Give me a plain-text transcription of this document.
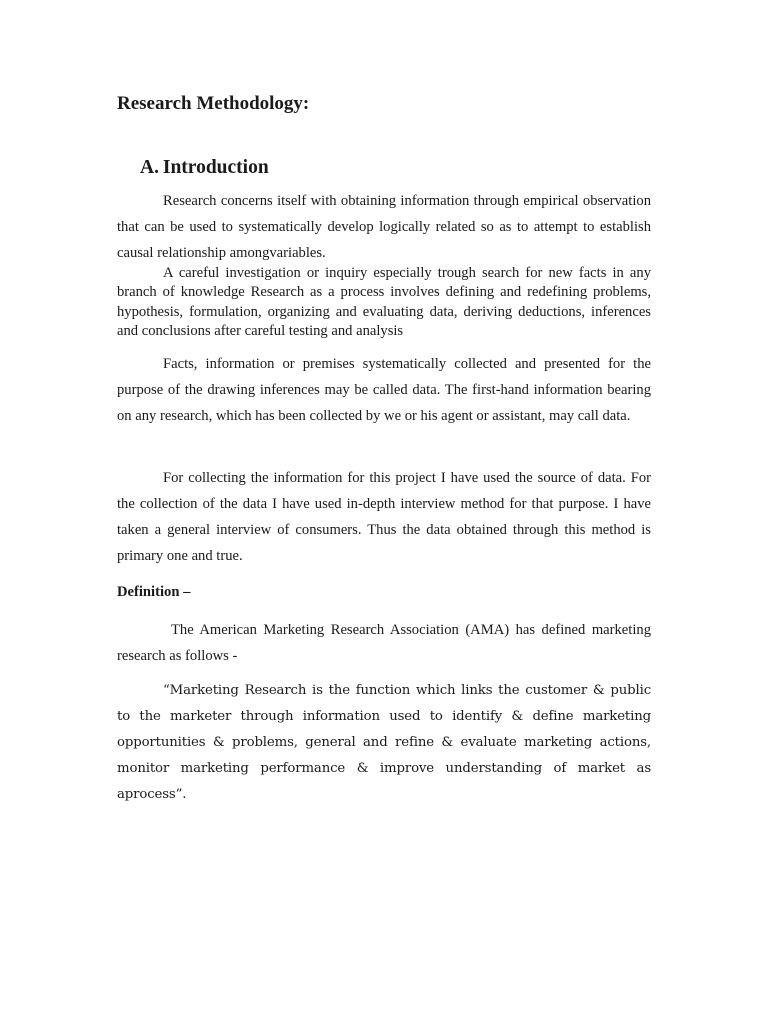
Research Methodology:
A. Introduction

Research concerns itself with obtaining information through empirical observation that can be used to systematically develop logically related so as to attempt to establish causal relationship amongvariables.

A careful investigation or inquiry especially trough search for new facts in any branch of knowledge Research as a process involves defining and redefining problems, hypothesis, formulation, organizing and evaluating data, deriving deductions, inferences and conclusions after careful testing and analysis

Facts, information or premises systematically collected and presented for the purpose of the drawing inferences may be called data. The first-hand information bearing on any research, which has been collected by we or his agent or assistant, may call data.

For collecting the information for this project I have used the source of data. For the collection of the data I have used in-depth interview method for that purpose. I have taken a general interview of consumers. Thus the data obtained through this method is primary one and true.

Definition –

The American Marketing Research Association (AMA) has defined marketing research as follows -

“Marketing Research is the function which links the customer & public to the marketer through information used to identify & define marketing opportunities & problems, general and refine & evaluate marketing actions, monitor marketing performance & improve understanding of market as aprocess”.
